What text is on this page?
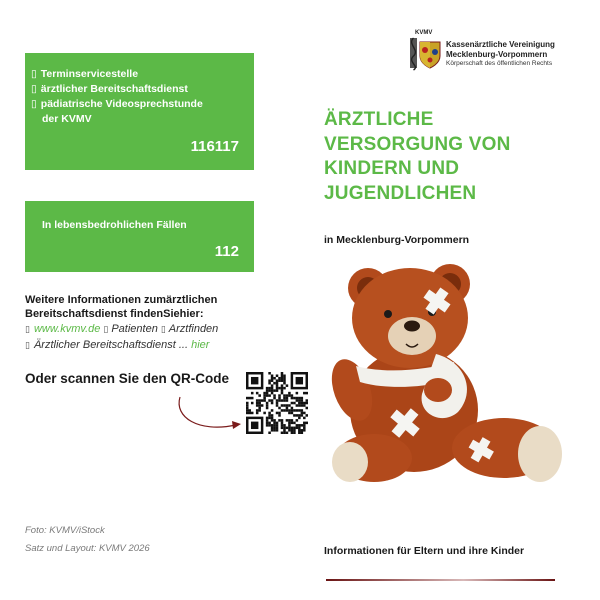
▯ Terminservicestelle
▯ ärztlicher Bereitschaftsdienst
▯ pädiatrische Videosprechstunde
der KVMV
116117
In lebensbedrohlichen Fällen
112
Weitere Informationen zumärztlichen Bereitschaftsdienst findenSiehier:
▯ www.kvmv.de ▯ Patienten ▯ Arztfinden
▯ Ärztlicher Bereitschaftsdienst ... hier
Oder scannen Sie den QR-Code
Foto: KVMV/iStock
Satz und Layout: KVMV 2026
KVMV
Kassenärztliche Vereinigung
Mecklenburg-Vorpommern
Körperschaft des öffentlichen Rechts
ÄRZTLICHE
VERSORGUNG VON
KINDERN UND
JUGENDLICHEN
in Mecklenburg-Vorpommern
Informationen für Eltern und ihre Kinder
